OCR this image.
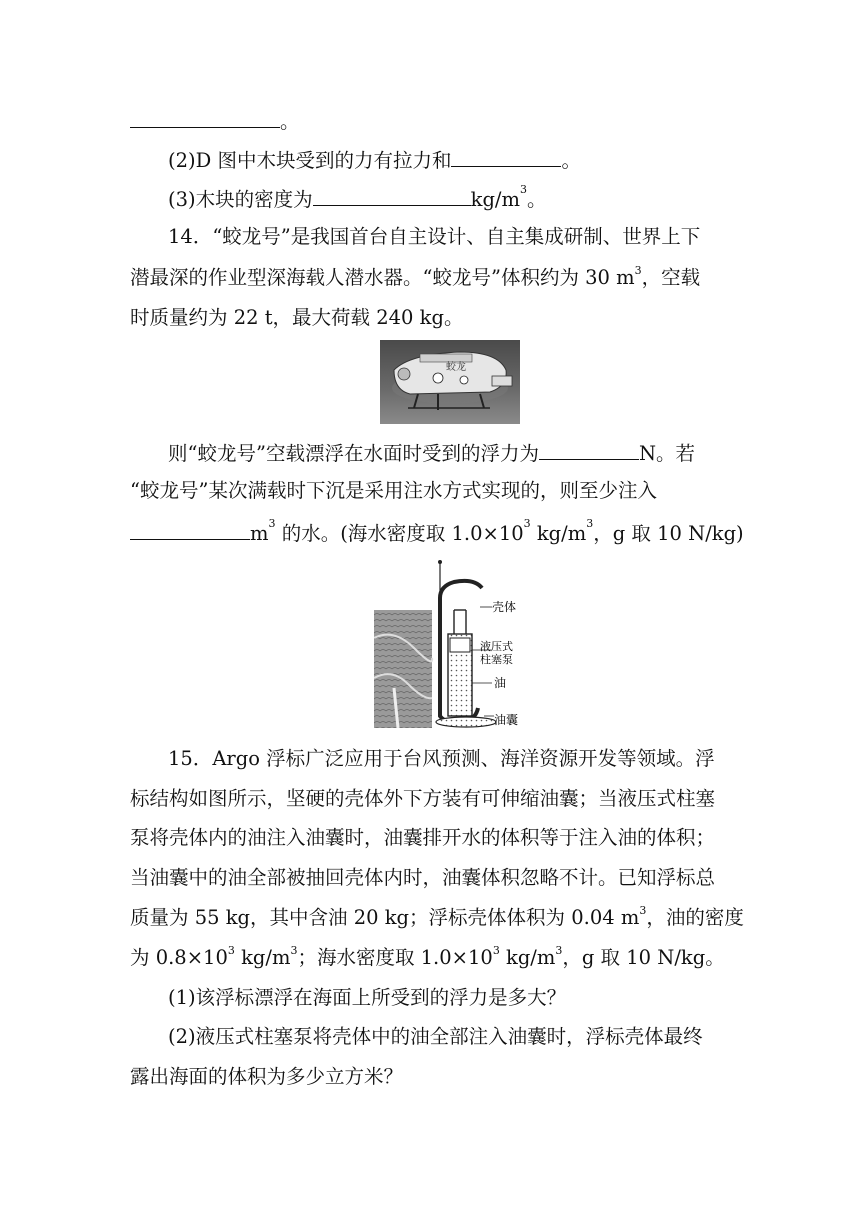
。
(2)D 图中木块受到的力有拉力和	。
(3)木块的密度为	$kg/m^3$。
14．“蛟龙号”是我国首台自主设计、自主集成研制、世界上下
潜最深的作业型深海载人潜水器。“蛟龙号”体积约为 30 $m^3$，空载
时质量约为 22 t，最大荷载 240 kg。
蛟龙
则“蛟龙号”空载漂浮在水面时受到的浮力为	N。若
“蛟龙号”某次满载时下沉是采用注水方式实现的，则至少注入
$m^3$ 的水。(海水密度取 $1.0\times 10^3$ $kg/m^3$，g 取 10 N/kg)
壳体
液压式
柱塞泵
油
油囊
15．Argo 浮标广泛应用于台风预测、海洋资源开发等领域。浮
标结构如图所示，坚硬的壳体外下方装有可伸缩油囊；当液压式柱塞
泵将壳体内的油注入油囊时，油囊排开水的体积等于注入油的体积；
当油囊中的油全部被抽回壳体内时，油囊体积忽略不计。已知浮标总
质量为 55 kg，其中含油 20 kg；浮标壳体体积为 0.04 $m^3$，油的密度
为 $0.8\times 10^3$ $kg/m^3$；海水密度取 $1.0\times 10^3$ $kg/m^3$，g 取 10 N/kg。
(1)该浮标漂浮在海面上所受到的浮力是多大？
(2)液压式柱塞泵将壳体中的油全部注入油囊时，浮标壳体最终
露出海面的体积为多少立方米？
